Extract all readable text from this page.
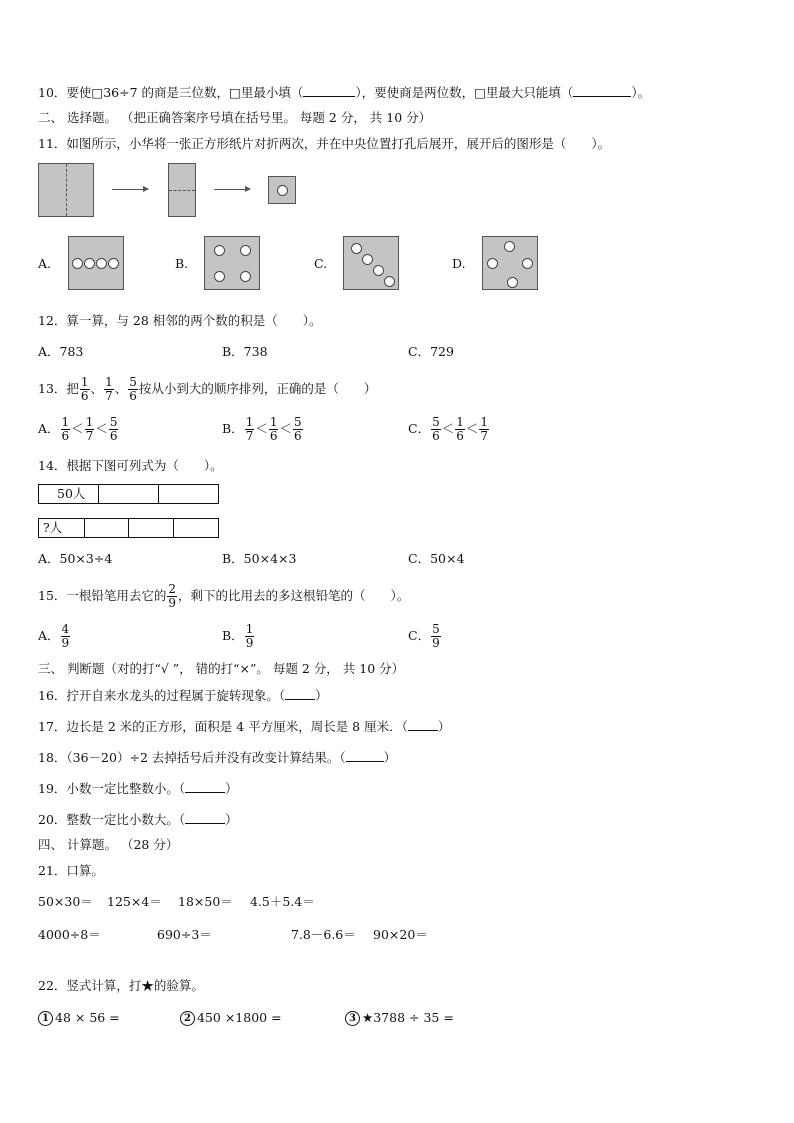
10．要使□36÷7 的商是三位数，□里最小填（	），要使商是两位数，□里最大只能填（	）。
二、 选择题。 （把正确答案序号填在括号里。 每题 2 分， 共 10 分）
11．如图所示，小华将一张正方形纸片对折两次，并在中央位置打孔后展开，展开后的图形是（　　）。
A.	B.	C.	D.
12．算一算，与 28 相邻的两个数的积是（　　）。
A．783	B．738	C．729
13．把 $\frac{1}{6}$ 、 $\frac{1}{7}$ 、 $\frac{5}{6}$ 按从小到大的顺序排列，正确的是（　　）
A． $\frac{1}{6} < \frac{1}{7} < \frac{5}{6}$	B． $\frac{1}{7} < \frac{1}{6} < \frac{5}{6}$	C． $\frac{5}{6} < \frac{1}{6} < \frac{1}{7}$
14．根据下图可列式为（　　）。
50人
?人
A．50×3÷4	B．50×4×3	C．50×4
15．一根铅笔用去它的 $\frac{2}{9}$ ，剩下的比用去的多这根铅笔的（　　）。
A． $\frac{4}{9}$	B． $\frac{1}{9}$	C． $\frac{5}{9}$
三、 判断题（对的打“√ ”， 错的打“×”。 每题 2 分， 共 10 分）
16．拧开自来水龙头的过程属于旋转现象。（ ）
17．边长是 2 米的正方形，面积是 4 平方厘米，周长是 8 厘米．（ ）
18．（36－20）÷2 去掉括号后并没有改变计算结果。（	）
19．小数一定比整数小。（	）
20．整数一定比小数大。（	）
四、 计算题。 （28 分）
21．口算。
50×30＝ 125×4＝ 18×50＝ 4.5＋5.4＝
4000÷8＝	690÷3＝	7.8－6.6＝ 90×20＝
22．竖式计算，打★的验算。
1 48 × 56 =	2 450 ×1800 =	3 ★3788 ÷ 35 =
